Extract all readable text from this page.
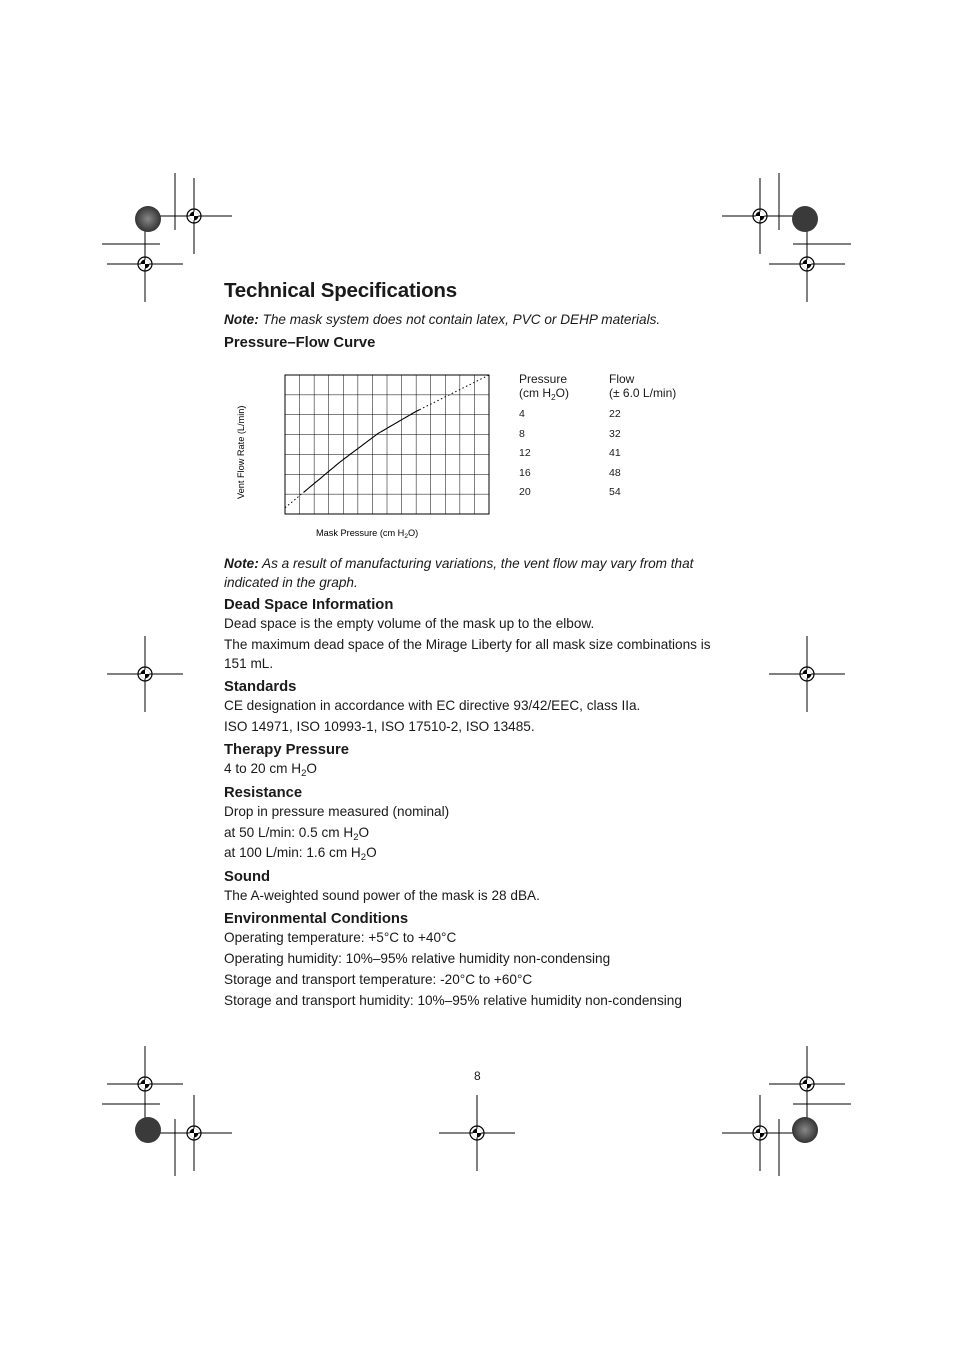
Technical Specifications
Note: The mask system does not contain latex, PVC or DEHP materials.
Pressure–Flow Curve
Vent Flow Rate (L/min)
Mask Pressure (cm $H_2O$)
Pressure
(cm $H_2O$)
Flow
(± 6.0 L/min)
4
8
12
16
20
22
32
41
48
54
Note: As a result of manufacturing variations, the vent flow may vary from that indicated in the graph.
Dead Space Information
Dead space is the empty volume of the mask up to the elbow.
The maximum dead space of the Mirage Liberty for all mask size combinations is 151 mL.
Standards
CE designation in accordance with EC directive 93/42/EEC, class IIa.
ISO 14971, ISO 10993-1, ISO 17510-2, ISO 13485.
Therapy Pressure
4 to 20 cm $H_2O$
Resistance
Drop in pressure measured (nominal)
at 50 L/min: 0.5 cm $H_2O$
at 100 L/min: 1.6 cm $H_2O$
Sound
The A-weighted sound power of the mask is 28 dBA.
Environmental Conditions
Operating temperature: +5°C to +40°C
Operating humidity: 10%–95% relative humidity non-condensing
Storage and transport temperature: -20°C to +60°C
Storage and transport humidity: 10%–95% relative humidity non-condensing
8
